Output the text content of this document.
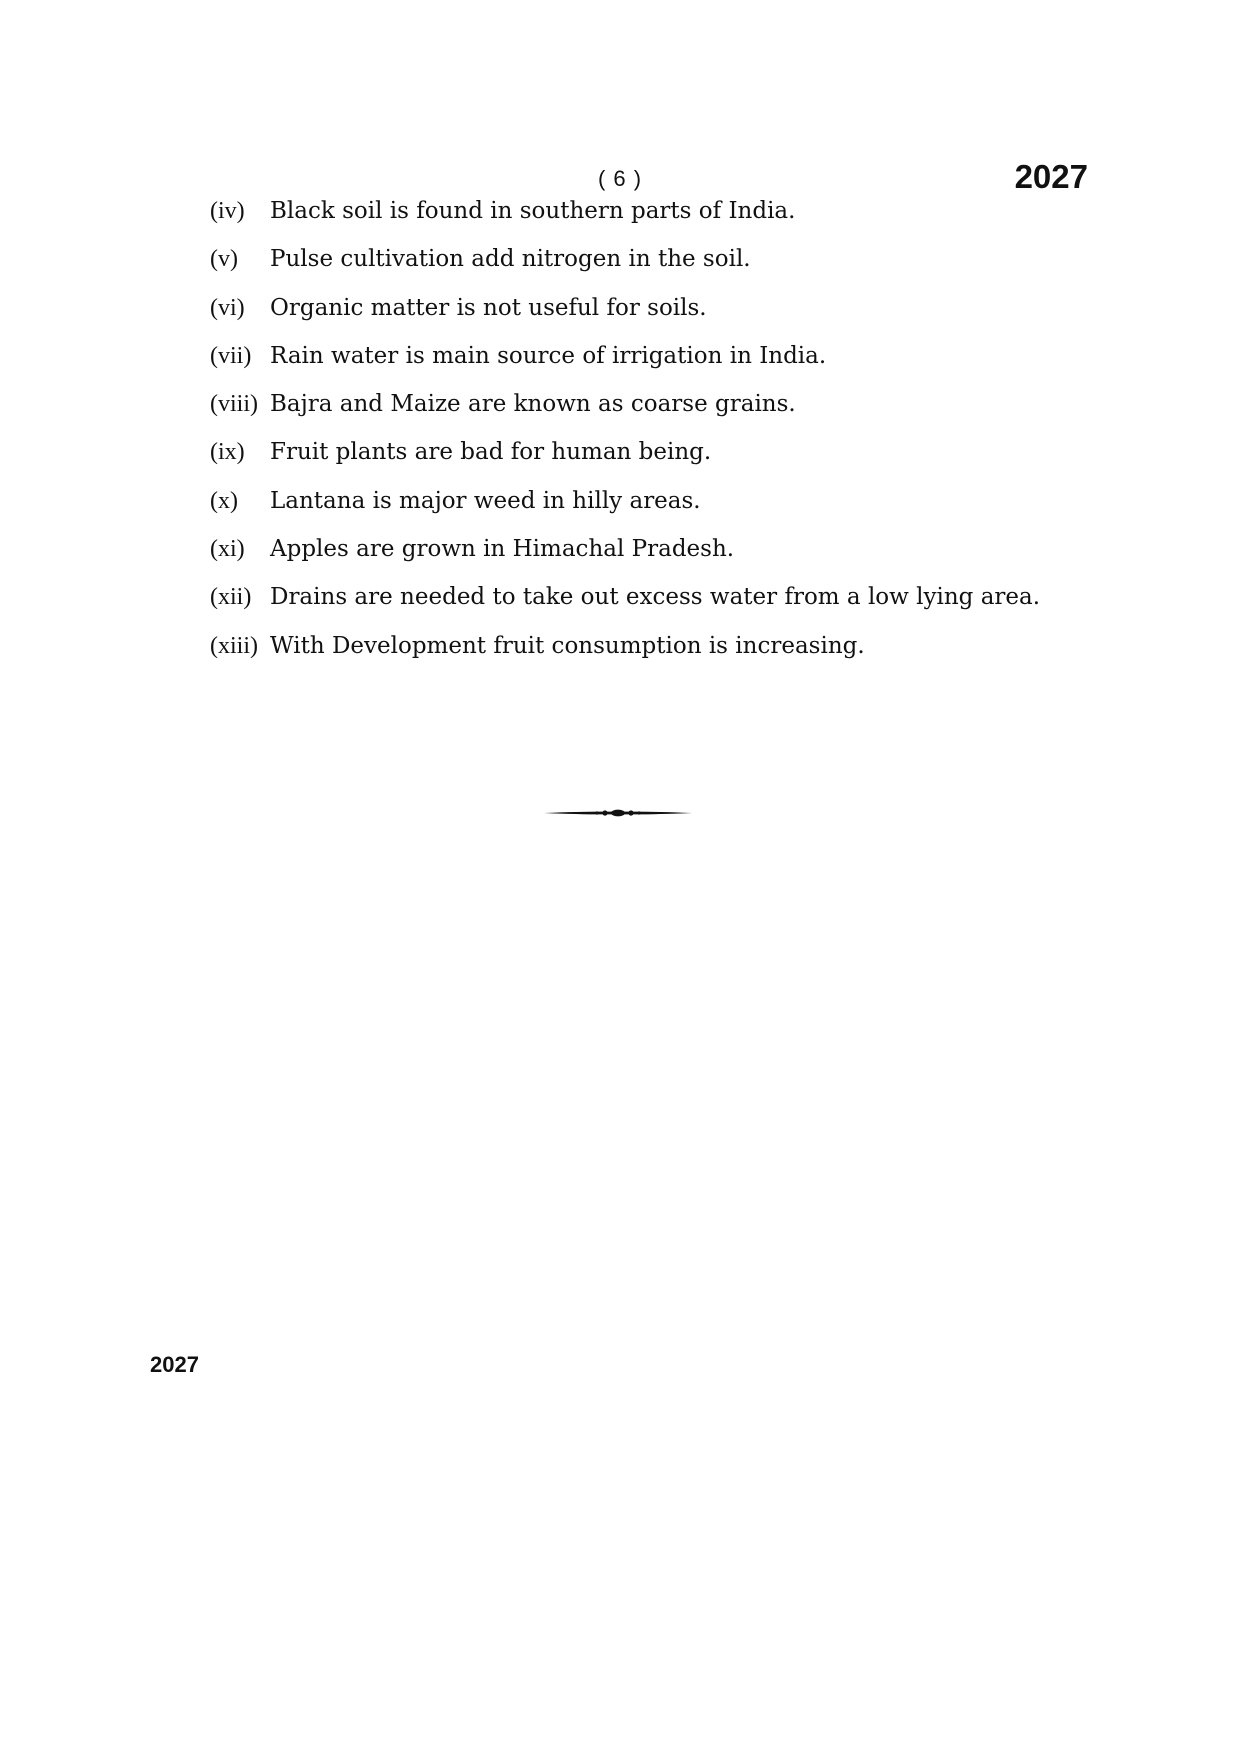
( 6 )	2027
(iv)	Black soil is found in southern parts of India.
(v)	Pulse cultivation add nitrogen in the soil.
(vi)	Organic matter is not useful for soils.
(vii) Rain water is main source of irrigation in India.
(viii) Bajra and Maize are known as coarse grains.
(ix)	Fruit plants are bad for human being.
(x)	Lantana is major weed in hilly areas.
(xi)	Apples are grown in Himachal Pradesh.
(xii) Drains are needed to take out excess water from a low lying area.
(xiii) With Development fruit consumption is increasing.
2027
